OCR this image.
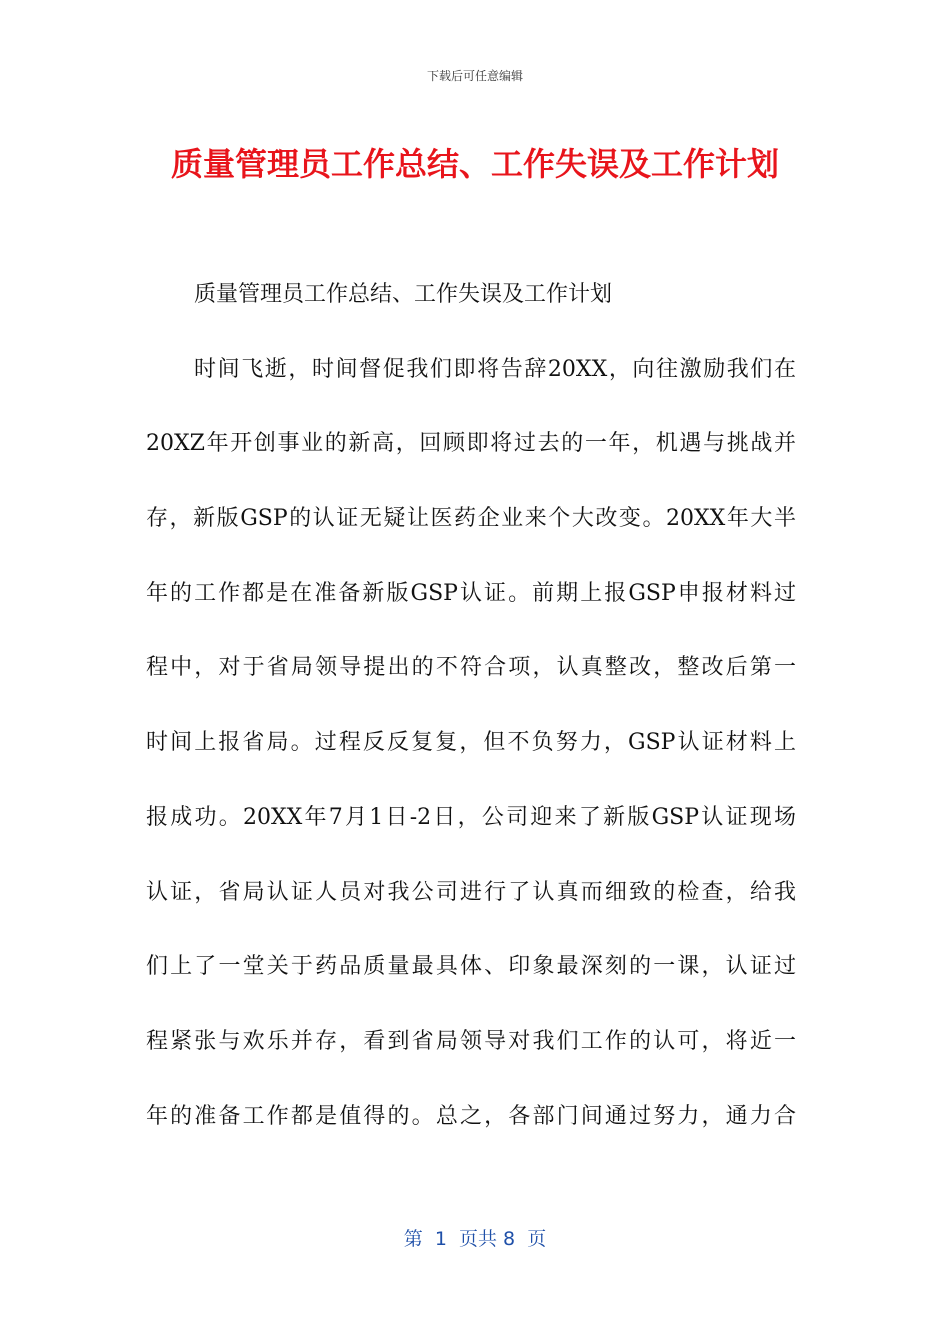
下载后可任意编辑
质量管理员工作总结、工作失误及工作计划
质量管理员工作总结、工作失误及工作计划
时间飞逝，时间督促我们即将告辞20XX，向往激励我们在
20XZ年开创事业的新高，回顾即将过去的一年，机遇与挑战并
存，新版GSP的认证无疑让医药企业来个大改变。20XX年大半
年的工作都是在准备新版GSP认证。前期上报GSP申报材料过
程中，对于省局领导提出的不符合项，认真整改，整改后第一
时间上报省局。过程反反复复，但不负努力，GSP认证材料上
报成功。20XX年7月1日-2日，公司迎来了新版GSP认证现场
认证，省局认证人员对我公司进行了认真而细致的检查，给我
们上了一堂关于药品质量最具体、印象最深刻的一课，认证过
程紧张与欢乐并存，看到省局领导对我们工作的认可，将近一
年的准备工作都是值得的。总之，各部门间通过努力，通力合
第  1  页共 8  页
